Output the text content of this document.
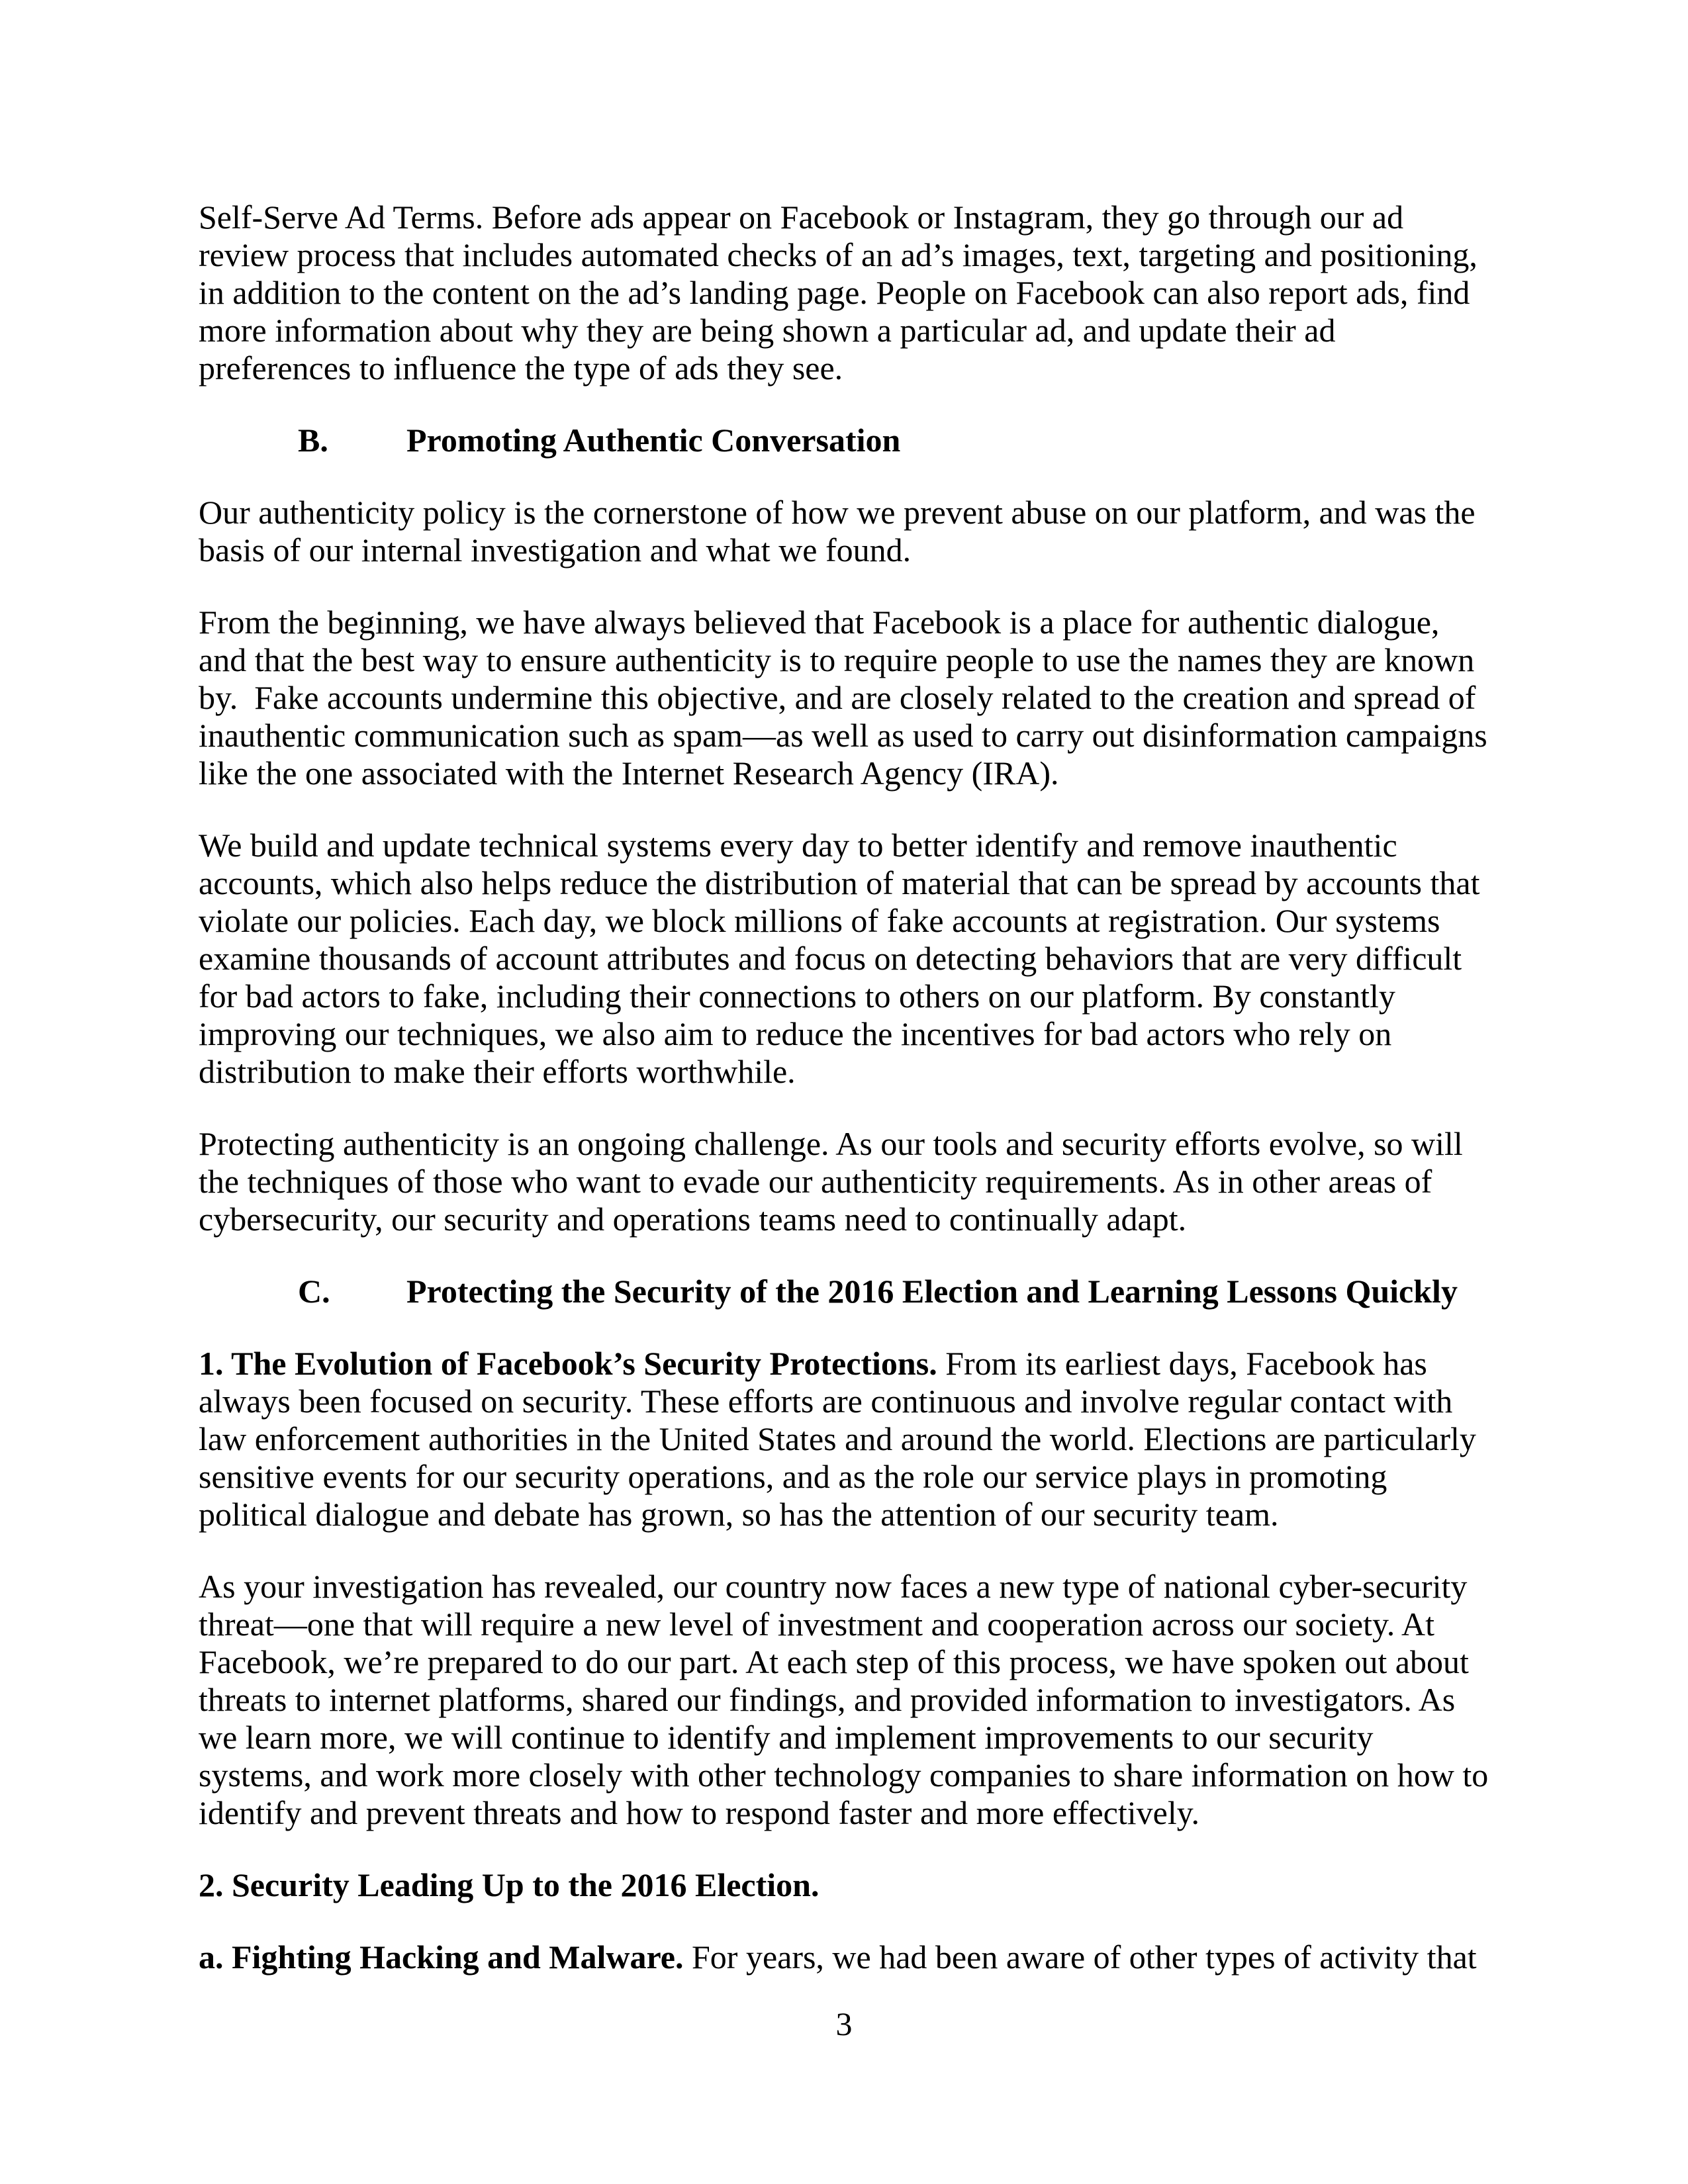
Self-Serve Ad Terms. Before ads appear on Facebook or Instagram, they go through our ad review process that includes automated checks of an ad’s images, text, targeting and positioning, in addition to the content on the ad’s landing page. People on Facebook can also report ads, find more information about why they are being shown a particular ad, and update their ad preferences to influence the type of ads they see.

B. Promoting Authentic Conversation

Our authenticity policy is the cornerstone of how we prevent abuse on our platform, and was the basis of our internal investigation and what we found.

From the beginning, we have always believed that Facebook is a place for authentic dialogue, and that the best way to ensure authenticity is to require people to use the names they are known by.  Fake accounts undermine this objective, and are closely related to the creation and spread of inauthentic communication such as spam—as well as used to carry out disinformation campaigns like the one associated with the Internet Research Agency (IRA).

We build and update technical systems every day to better identify and remove inauthentic accounts, which also helps reduce the distribution of material that can be spread by accounts that violate our policies. Each day, we block millions of fake accounts at registration. Our systems examine thousands of account attributes and focus on detecting behaviors that are very difficult for bad actors to fake, including their connections to others on our platform. By constantly improving our techniques, we also aim to reduce the incentives for bad actors who rely on distribution to make their efforts worthwhile.

Protecting authenticity is an ongoing challenge. As our tools and security efforts evolve, so will the techniques of those who want to evade our authenticity requirements. As in other areas of cybersecurity, our security and operations teams need to continually adapt.

C. Protecting the Security of the 2016 Election and Learning Lessons Quickly

1. The Evolution of Facebook’s Security Protections. From its earliest days, Facebook has always been focused on security. These efforts are continuous and involve regular contact with law enforcement authorities in the United States and around the world. Elections are particularly sensitive events for our security operations, and as the role our service plays in promoting political dialogue and debate has grown, so has the attention of our security team.

As your investigation has revealed, our country now faces a new type of national cyber-security threat—one that will require a new level of investment and cooperation across our society. At Facebook, we’re prepared to do our part. At each step of this process, we have spoken out about threats to internet platforms, shared our findings, and provided information to investigators. As we learn more, we will continue to identify and implement improvements to our security systems, and work more closely with other technology companies to share information on how to identify and prevent threats and how to respond faster and more effectively.

2. Security Leading Up to the 2016 Election.

a. Fighting Hacking and Malware. For years, we had been aware of other types of activity that

3
